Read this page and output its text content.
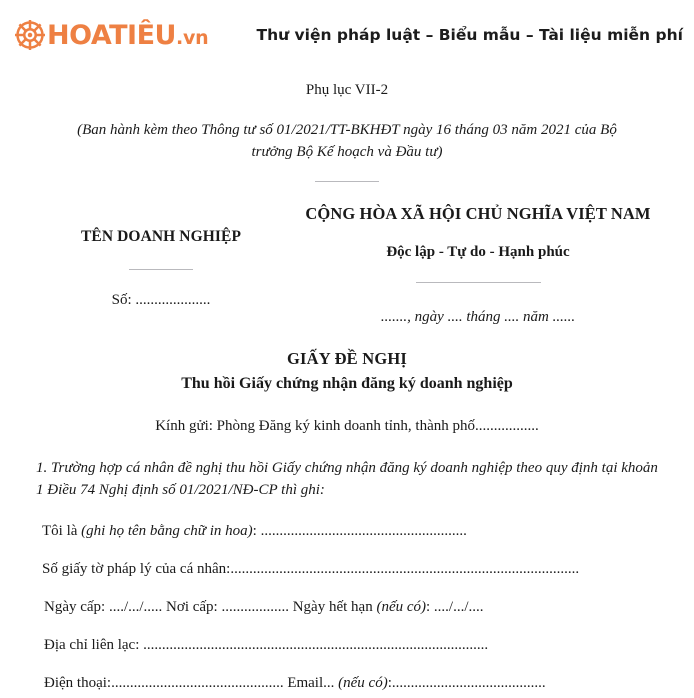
HOATIÊU.vn	Thư viện pháp luật – Biểu mẫu – Tài liệu miễn phí
Phụ lục VII-2
(Ban hành kèm theo Thông tư số 01/2021/TT-BKHĐT ngày 16 tháng 03 năm 2021 của Bộ trưởng Bộ Kế hoạch và Đầu tư)
TÊN DOANH NGHIỆP
Số: ....................
CỘNG HÒA XÃ HỘI CHỦ NGHĨA VIỆT NAM
Độc lập - Tự do - Hạnh phúc
......., ngày .... tháng .... năm ......
GIẤY ĐỀ NGHỊ
Thu hồi Giấy chứng nhận đăng ký doanh nghiệp
Kính gửi: Phòng Đăng ký kinh doanh tỉnh, thành phố.................
1. Trường hợp cá nhân đề nghị thu hồi Giấy chứng nhận đăng ký doanh nghiệp theo quy định tại khoản 1 Điều 74 Nghị định số 01/2021/NĐ-CP thì ghi:
Tôi là (ghi họ tên bằng chữ in hoa): .......................................................
Số giấy tờ pháp lý của cá nhân:.............................................................................................
Ngày cấp: ..../.../..... Nơi cấp: .................. Ngày hết hạn (nếu có): ..../.../....
Địa chỉ liên lạc: ............................................................................................
Điện thoại:.............................................. Email... (nếu có):.........................................
